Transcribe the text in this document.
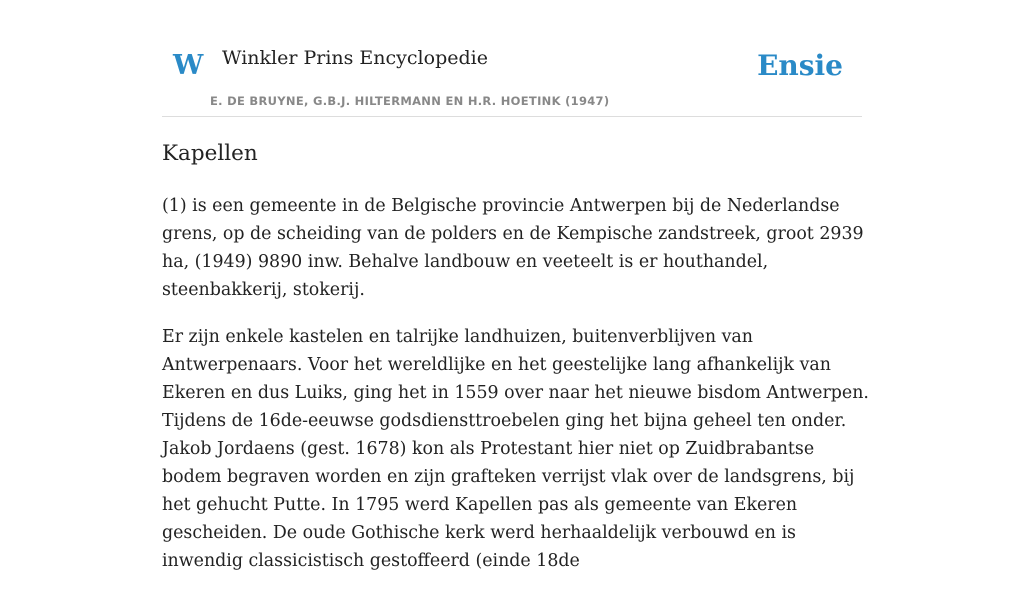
W Winkler Prins Encyclopedie
E. DE BRUYNE, G.B.J. HILTERMANN EN H.R. HOETINK (1947)
Ensie
Kapellen

(1) is een gemeente in de Belgische provincie Antwerpen bij de Nederlandse grens, op de scheiding van de polders en de Kempische zandstreek, groot 2939 ha, (1949) 9890 inw. Behalve landbouw en veeteelt is er houthandel, steenbakkerij, stokerij.

Er zijn enkele kastelen en talrijke landhuizen, buitenverblijven van Antwerpenaars. Voor het wereldlijke en het geestelijke lang afhankelijk van Ekeren en dus Luiks, ging het in 1559 over naar het nieuwe bisdom Antwerpen. Tijdens de 16de-eeuwse godsdiensttroebelen ging het bijna geheel ten onder. Jakob Jordaens (gest. 1678) kon als Protestant hier niet op Zuidbrabantse bodem begraven worden en zijn grafteken verrijst vlak over de landsgrens, bij het gehucht Putte. In 1795 werd Kapellen pas als gemeente van Ekeren gescheiden. De oude Gothische kerk werd herhaaldelijk verbouwd en is inwendig classicistisch gestoffeerd (einde 18de
